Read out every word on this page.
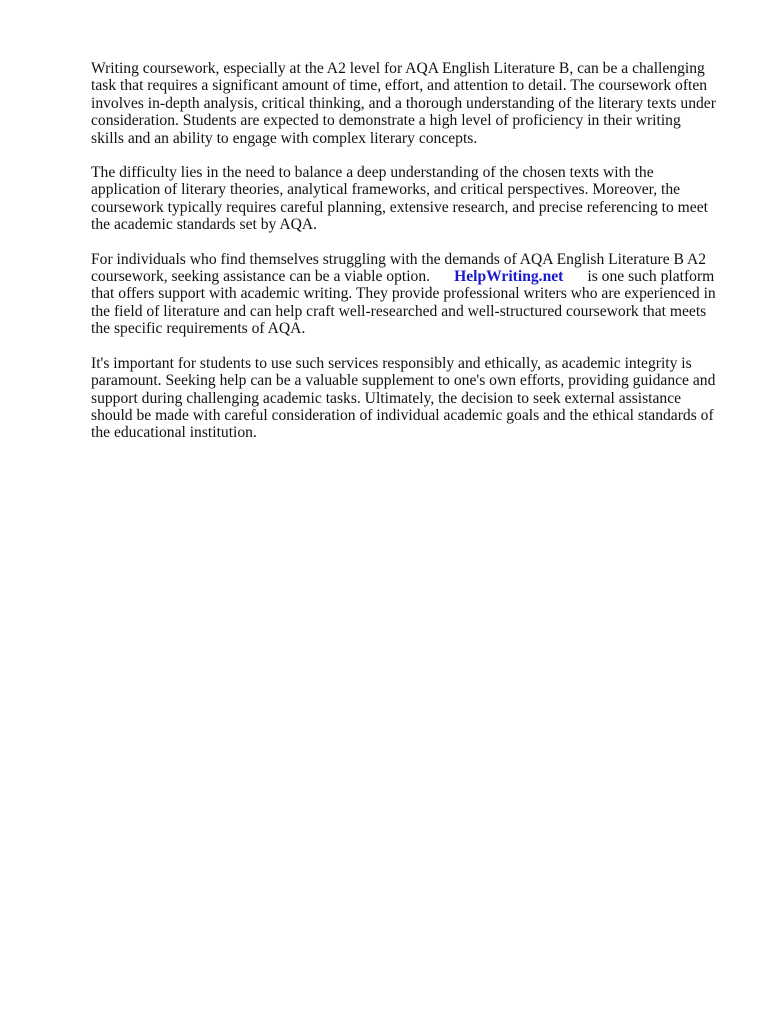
Writing coursework, especially at the A2 level for AQA English Literature B, can be a challenging task that requires a significant amount of time, effort, and attention to detail. The coursework often involves in-depth analysis, critical thinking, and a thorough understanding of the literary texts under consideration. Students are expected to demonstrate a high level of proficiency in their writing skills and an ability to engage with complex literary concepts.

The difficulty lies in the need to balance a deep understanding of the chosen texts with the application of literary theories, analytical frameworks, and critical perspectives. Moreover, the coursework typically requires careful planning, extensive research, and precise referencing to meet the academic standards set by AQA.

For individuals who find themselves struggling with the demands of AQA English Literature B A2 coursework, seeking assistance can be a viable option. HelpWriting.net is one such platform that offers support with academic writing. They provide professional writers who are experienced in the field of literature and can help craft well-researched and well-structured coursework that meets the specific requirements of AQA.

It's important for students to use such services responsibly and ethically, as academic integrity is paramount. Seeking help can be a valuable supplement to one's own efforts, providing guidance and support during challenging academic tasks. Ultimately, the decision to seek external assistance should be made with careful consideration of individual academic goals and the ethical standards of the educational institution.
